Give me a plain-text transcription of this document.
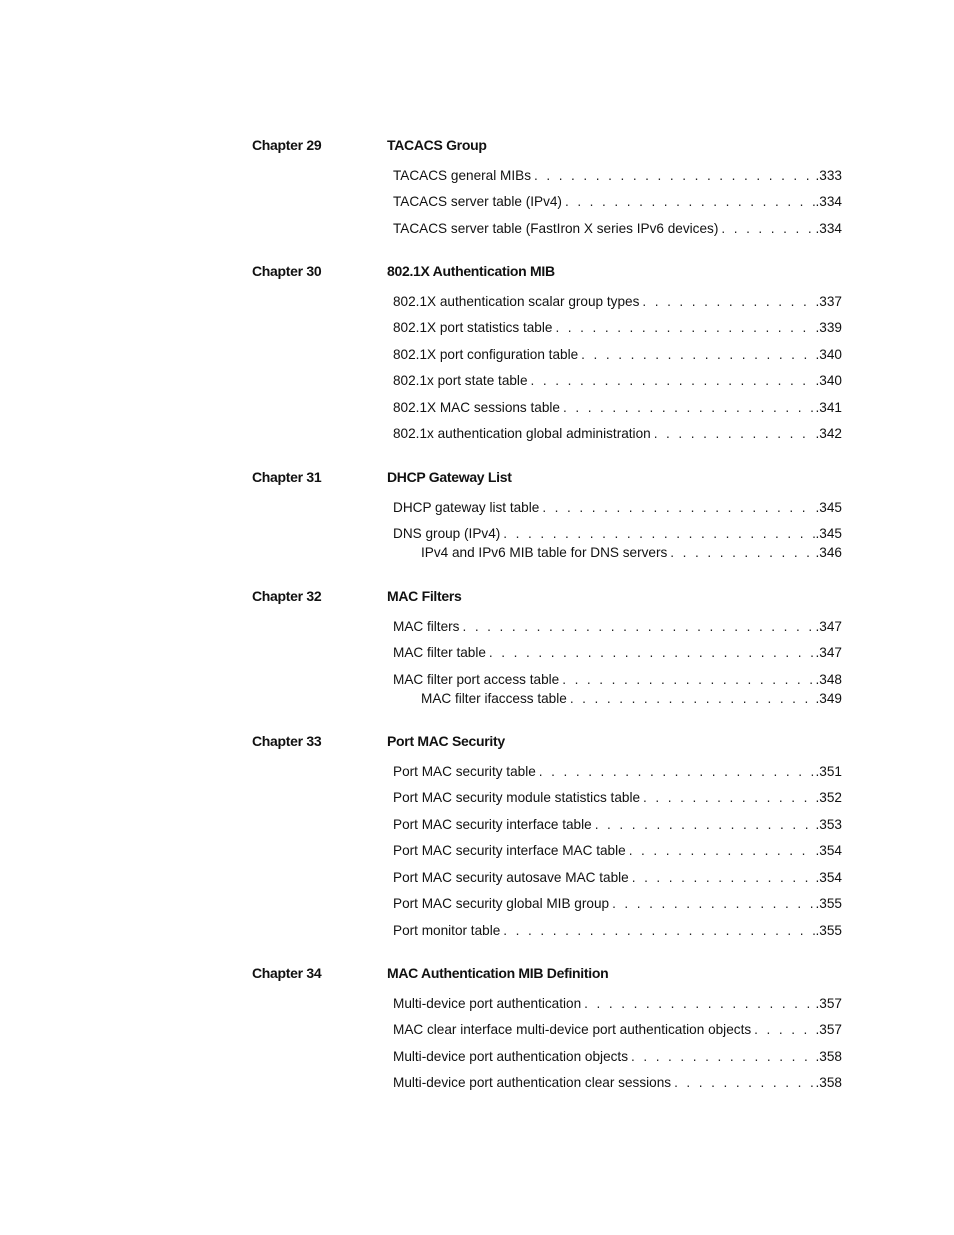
Chapter 29	TACACS Group
TACACS general MIBs . . .	.333
TACACS server table (IPv4) . . .	.334
TACACS server table (FastIron X series IPv6 devices) . . .	.334
Chapter 30	802.1X Authentication MIB
802.1X authentication scalar group types . . .	.337
802.1X port statistics table . . .	.339
802.1X port configuration table . . .	.340
802.1x port state table . . .	.340
802.1X MAC sessions table . . .	.341
802.1x authentication global administration . . .	.342
Chapter 31	DHCP Gateway List
DHCP gateway list table . . .	.345
DNS group (IPv4) . . .	.345
IPv4 and IPv6 MIB table for DNS servers . . .	.346
Chapter 32	MAC Filters
MAC filters . . .	.347
MAC filter table . . .	.347
MAC filter port access table . . .	.348
MAC filter ifaccess table . . .	.349
Chapter 33	Port MAC Security
Port MAC security table . . .	.351
Port MAC security module statistics table . . .	.352
Port MAC security interface table . . .	.353
Port MAC security interface MAC table . . .	.354
Port MAC security autosave MAC table . . .	.354
Port MAC security global MIB group . . .	.355
Port monitor table . . .	.355
Chapter 34	MAC Authentication MIB Definition
Multi-device port authentication . . .	.357
MAC clear interface multi-device port authentication objects . . .	.357
Multi-device port authentication objects . . .	.358
Multi-device port authentication clear sessions . . .	.358
